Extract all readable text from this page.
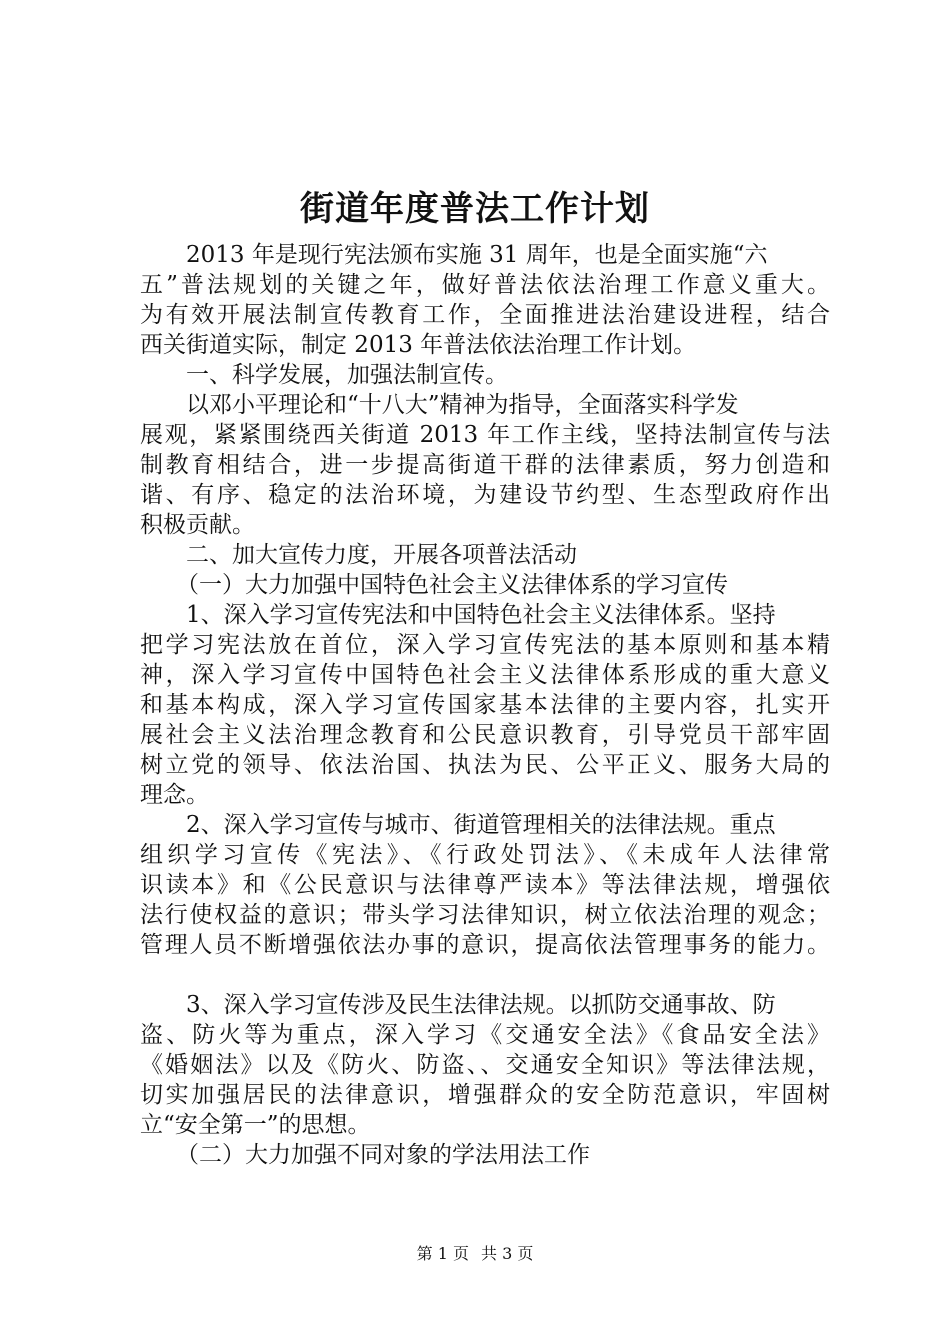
街道年度普法工作计划
2013 年是现行宪法颁布实施 31 周年，也是全面实施“六
五”普法规划的关键之年，做好普法依法治理工作意义重大。
为有效开展法制宣传教育工作，全面推进法治建设进程，结合
西关街道实际，制定 2013 年普法依法治理工作计划。
一、科学发展，加强法制宣传。
以邓小平理论和“十八大”精神为指导，全面落实科学发
展观，紧紧围绕西关街道 2013 年工作主线，坚持法制宣传与法
制教育相结合，进一步提高街道干群的法律素质，努力创造和
谐、有序、稳定的法治环境，为建设节约型、生态型政府作出
积极贡献。
二、加大宣传力度，开展各项普法活动
（一）大力加强中国特色社会主义法律体系的学习宣传
1、深入学习宣传宪法和中国特色社会主义法律体系。坚持
把学习宪法放在首位，深入学习宣传宪法的基本原则和基本精
神，深入学习宣传中国特色社会主义法律体系形成的重大意义
和基本构成，深入学习宣传国家基本法律的主要内容，扎实开
展社会主义法治理念教育和公民意识教育，引导党员干部牢固
树立党的领导、依法治国、执法为民、公平正义、服务大局的
理念。
2、深入学习宣传与城市、街道管理相关的法律法规。重点
组织学习宣传《宪法》、《行政处罚法》、《未成年人法律常
识读本》和《公民意识与法律尊严读本》等法律法规，增强依
法行使权益的意识；带头学习法律知识，树立依法治理的观念；
管理人员不断增强依法办事的意识，提高依法管理事务的能力。
3、深入学习宣传涉及民生法律法规。以抓防交通事故、防
盗、防火等为重点，深入学习《交通安全法》《食品安全法》
《婚姻法》以及《防火、防盗、、交通安全知识》等法律法规，
切实加强居民的法律意识，增强群众的安全防范意识，牢固树
立“安全第一”的思想。
（二）大力加强不同对象的学法用法工作
第 1 页 共 3 页
